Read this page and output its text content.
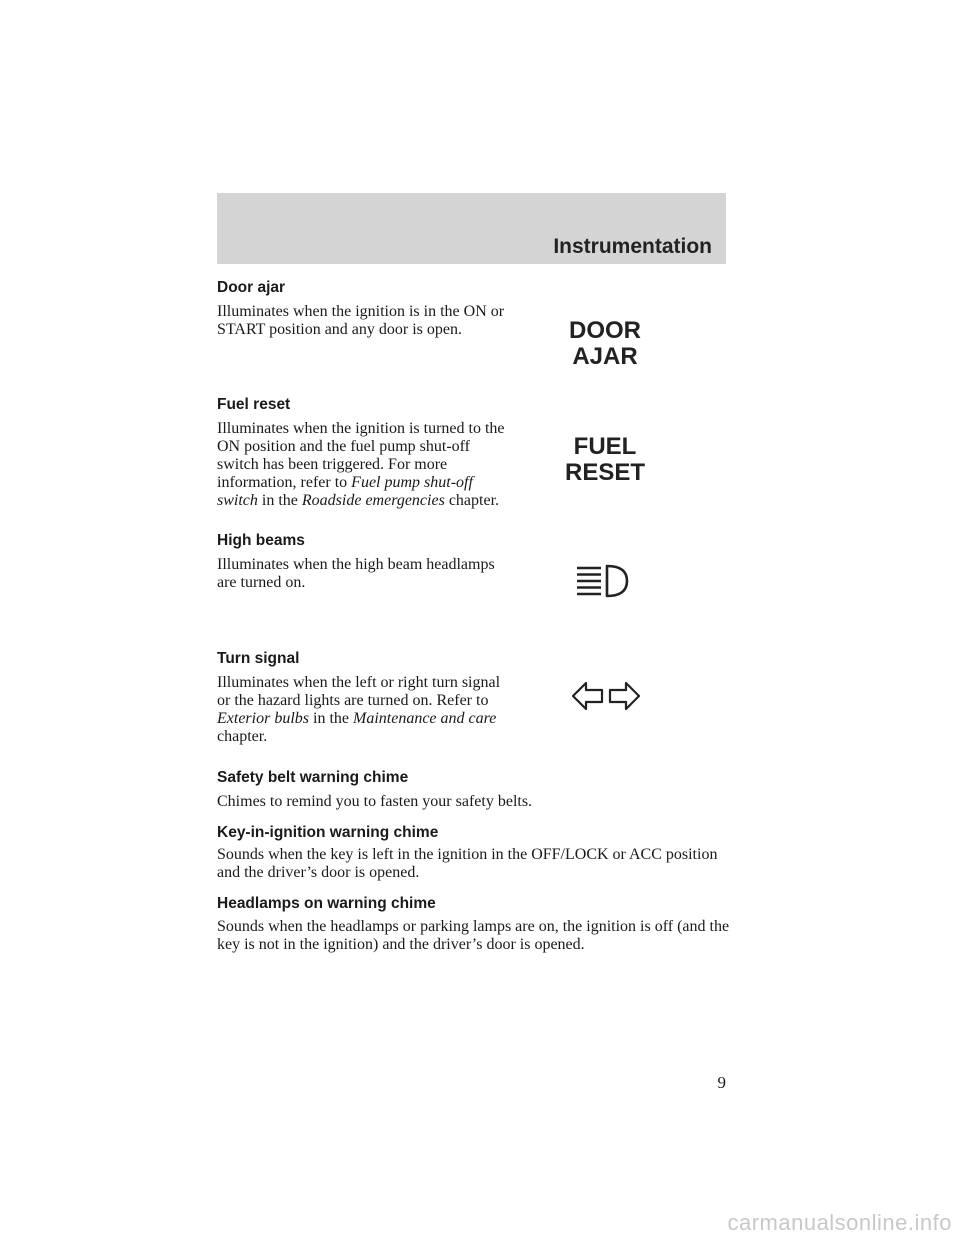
Instrumentation
Door ajar

Illuminates when the ignition is in the ON or START position and any door is open.	DOOR
AJAR
Fuel reset

Illuminates when the ignition is turned to the ON position and the fuel pump shut-off switch has been triggered. For more information, refer to Fuel pump shut-off switch in the Roadside emergencies chapter.

FUEL
RESET
High beams

Illuminates when the high beam headlamps are turned on.

Turn signal

Illuminates when the left or right turn signal or the hazard lights are turned on. Refer to Exterior bulbs in the Maintenance and care chapter.

Safety belt warning chime

Chimes to remind you to fasten your safety belts.

Key-in-ignition warning chime

Sounds when the key is left in the ignition in the OFF/LOCK or ACC position and the driver’s door is opened.

Headlamps on warning chime

Sounds when the headlamps or parking lamps are on, the ignition is off (and the key is not in the ignition) and the driver’s door is opened.

9
carmanualsonline.info
